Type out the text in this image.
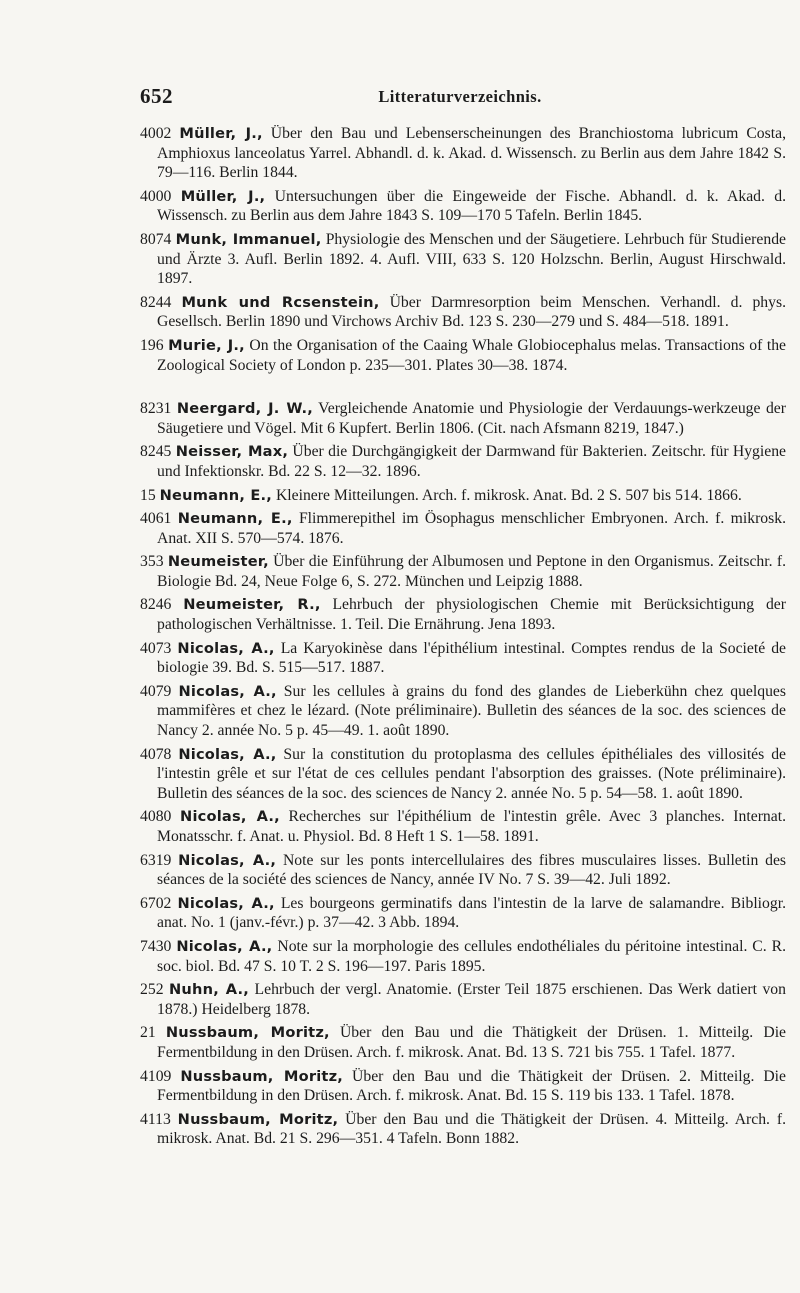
652	Litteraturverzeichnis.

4002 Müller, J., Über den Bau und Lebenserscheinungen des Branchiostoma lubricum Costa, Amphioxus lanceolatus Yarrel. Abhandl. d. k. Akad. d. Wissensch. zu Berlin aus dem Jahre 1842 S. 79—116. Berlin 1844.

4000 Müller, J., Untersuchungen über die Eingeweide der Fische. Abhandl. d. k. Akad. d. Wissensch. zu Berlin aus dem Jahre 1843 S. 109—170 5 Tafeln. Berlin 1845.

8074 Munk, Immanuel, Physiologie des Menschen und der Säugetiere. Lehrbuch für Studierende und Ärzte 3. Aufl. Berlin 1892. 4. Aufl. VIII, 633 S. 120 Holzschn. Berlin, August Hirschwald. 1897.

8244 Munk und Rcsenstein, Über Darmresorption beim Menschen. Verhandl. d. phys. Gesellsch. Berlin 1890 und Virchows Archiv Bd. 123 S. 230—279 und S. 484—518. 1891.

196 Murie, J., On the Organisation of the Caaing Whale Globiocephalus melas. Transactions of the Zoological Society of London p. 235—301. Plates 30—38. 1874.

8231 Neergard, J. W., Vergleichende Anatomie und Physiologie der Verdauungs-werkzeuge der Säugetiere und Vögel. Mit 6 Kupfert. Berlin 1806. (Cit. nach Afsmann 8219, 1847.)

8245 Neisser, Max, Über die Durchgängigkeit der Darmwand für Bakterien. Zeitschr. für Hygiene und Infektionskr. Bd. 22 S. 12—32. 1896.

15 Neumann, E., Kleinere Mitteilungen. Arch. f. mikrosk. Anat. Bd. 2 S. 507 bis 514. 1866.

4061 Neumann, E., Flimmerepithel im Ösophagus menschlicher Embryonen. Arch. f. mikrosk. Anat. XII S. 570—574. 1876.

353 Neumeister, Über die Einführung der Albumosen und Peptone in den Organismus. Zeitschr. f. Biologie Bd. 24, Neue Folge 6, S. 272. München und Leipzig 1888.

8246 Neumeister, R., Lehrbuch der physiologischen Chemie mit Berücksichtigung der pathologischen Verhältnisse. 1. Teil. Die Ernährung. Jena 1893.

4073 Nicolas, A., La Karyokinèse dans l'épithélium intestinal. Comptes rendus de la Societé de biologie 39. Bd. S. 515—517. 1887.

4079 Nicolas, A., Sur les cellules à grains du fond des glandes de Lieberkühn chez quelques mammifères et chez le lézard. (Note préliminaire). Bulletin des séances de la soc. des sciences de Nancy 2. année No. 5 p. 45—49. 1. août 1890.

4078 Nicolas, A., Sur la constitution du protoplasma des cellules épithéliales des villosités de l'intestin grêle et sur l'état de ces cellules pendant l'absorption des graisses. (Note préliminaire). Bulletin des séances de la soc. des sciences de Nancy 2. année No. 5 p. 54—58. 1. août 1890.

4080 Nicolas, A., Recherches sur l'épithélium de l'intestin grêle. Avec 3 planches. Internat. Monatsschr. f. Anat. u. Physiol. Bd. 8 Heft 1 S. 1—58. 1891.

6319 Nicolas, A., Note sur les ponts intercellulaires des fibres musculaires lisses. Bulletin des séances de la société des sciences de Nancy, année IV No. 7 S. 39—42. Juli 1892.

6702 Nicolas, A., Les bourgeons germinatifs dans l'intestin de la larve de salamandre. Bibliogr. anat. No. 1 (janv.-févr.) p. 37—42. 3 Abb. 1894.

7430 Nicolas, A., Note sur la morphologie des cellules endothéliales du péritoine intestinal. C. R. soc. biol. Bd. 47 S. 10 T. 2 S. 196—197. Paris 1895.

252 Nuhn, A., Lehrbuch der vergl. Anatomie. (Erster Teil 1875 erschienen. Das Werk datiert von 1878.) Heidelberg 1878.

21 Nussbaum, Moritz, Über den Bau und die Thätigkeit der Drüsen. 1. Mitteilg. Die Fermentbildung in den Drüsen. Arch. f. mikrosk. Anat. Bd. 13 S. 721 bis 755. 1 Tafel. 1877.

4109 Nussbaum, Moritz, Über den Bau und die Thätigkeit der Drüsen. 2. Mitteilg. Die Fermentbildung in den Drüsen. Arch. f. mikrosk. Anat. Bd. 15 S. 119 bis 133. 1 Tafel. 1878.

4113 Nussbaum, Moritz, Über den Bau und die Thätigkeit der Drüsen. 4. Mitteilg. Arch. f. mikrosk. Anat. Bd. 21 S. 296—351. 4 Tafeln. Bonn 1882.
